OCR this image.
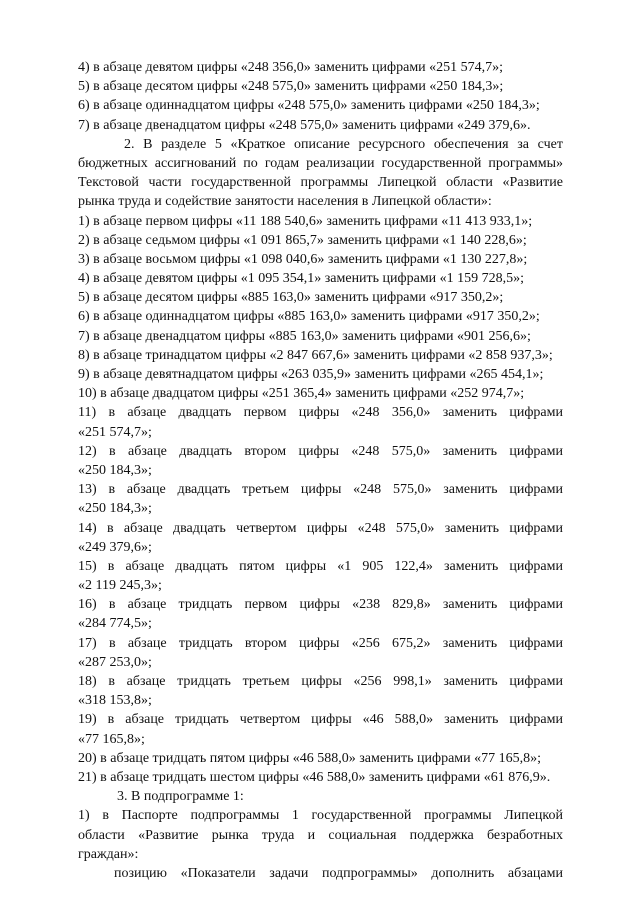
4) в абзаце девятом цифры «248 356,0» заменить цифрами «251 574,7»;
5) в абзаце десятом цифры «248 575,0» заменить цифрами «250 184,3»;
6) в абзаце одиннадцатом цифры «248 575,0» заменить цифрами «250 184,3»;
7) в абзаце двенадцатом цифры «248 575,0» заменить цифрами «249 379,6».
2. В разделе 5 «Краткое описание ресурсного обеспечения за счет
бюджетных ассигнований по годам реализации государственной программы»
Текстовой части государственной программы Липецкой области «Развитие
рынка труда и содействие занятости населения в Липецкой области»:
1) в абзаце первом цифры «11 188 540,6» заменить цифрами «11 413 933,1»;
2) в абзаце седьмом цифры «1 091 865,7» заменить цифрами «1 140 228,6»;
3) в абзаце восьмом цифры «1 098 040,6» заменить цифрами «1 130 227,8»;
4) в абзаце девятом цифры «1 095 354,1» заменить цифрами «1 159 728,5»;
5) в абзаце десятом цифры «885 163,0» заменить цифрами «917 350,2»;
6) в абзаце одиннадцатом цифры «885 163,0» заменить цифрами «917 350,2»;
7) в абзаце двенадцатом цифры «885 163,0» заменить цифрами «901 256,6»;
8) в абзаце тринадцатом цифры «2 847 667,6» заменить цифрами «2 858 937,3»;
9) в абзаце девятнадцатом цифры «263 035,9» заменить цифрами «265 454,1»;
10) в абзаце двадцатом цифры «251 365,4» заменить цифрами «252 974,7»;
11) в абзаце двадцать первом цифры «248 356,0» заменить цифрами
«251 574,7»;
12) в абзаце двадцать втором цифры «248 575,0» заменить цифрами
«250 184,3»;
13) в абзаце двадцать третьем цифры «248 575,0» заменить цифрами
«250 184,3»;
14) в абзаце двадцать четвертом цифры «248 575,0» заменить цифрами
«249 379,6»;
15) в абзаце двадцать пятом цифры «1 905 122,4» заменить цифрами
«2 119 245,3»;
16) в абзаце тридцать первом цифры «238 829,8» заменить цифрами
«284 774,5»;
17) в абзаце тридцать втором цифры «256 675,2» заменить цифрами
«287 253,0»;
18) в абзаце тридцать третьем цифры «256 998,1» заменить цифрами
«318 153,8»;
19) в абзаце тридцать четвертом цифры «46 588,0» заменить цифрами
«77 165,8»;
20) в абзаце тридцать пятом цифры «46 588,0» заменить цифрами «77 165,8»;
21) в абзаце тридцать шестом цифры «46 588,0» заменить цифрами «61 876,9».
3. В подпрограмме 1:
1) в Паспорте подпрограммы 1 государственной программы Липецкой
области «Развитие рынка труда и социальная поддержка безработных
граждан»:
позицию «Показатели задачи подпрограммы» дополнить абзацами
